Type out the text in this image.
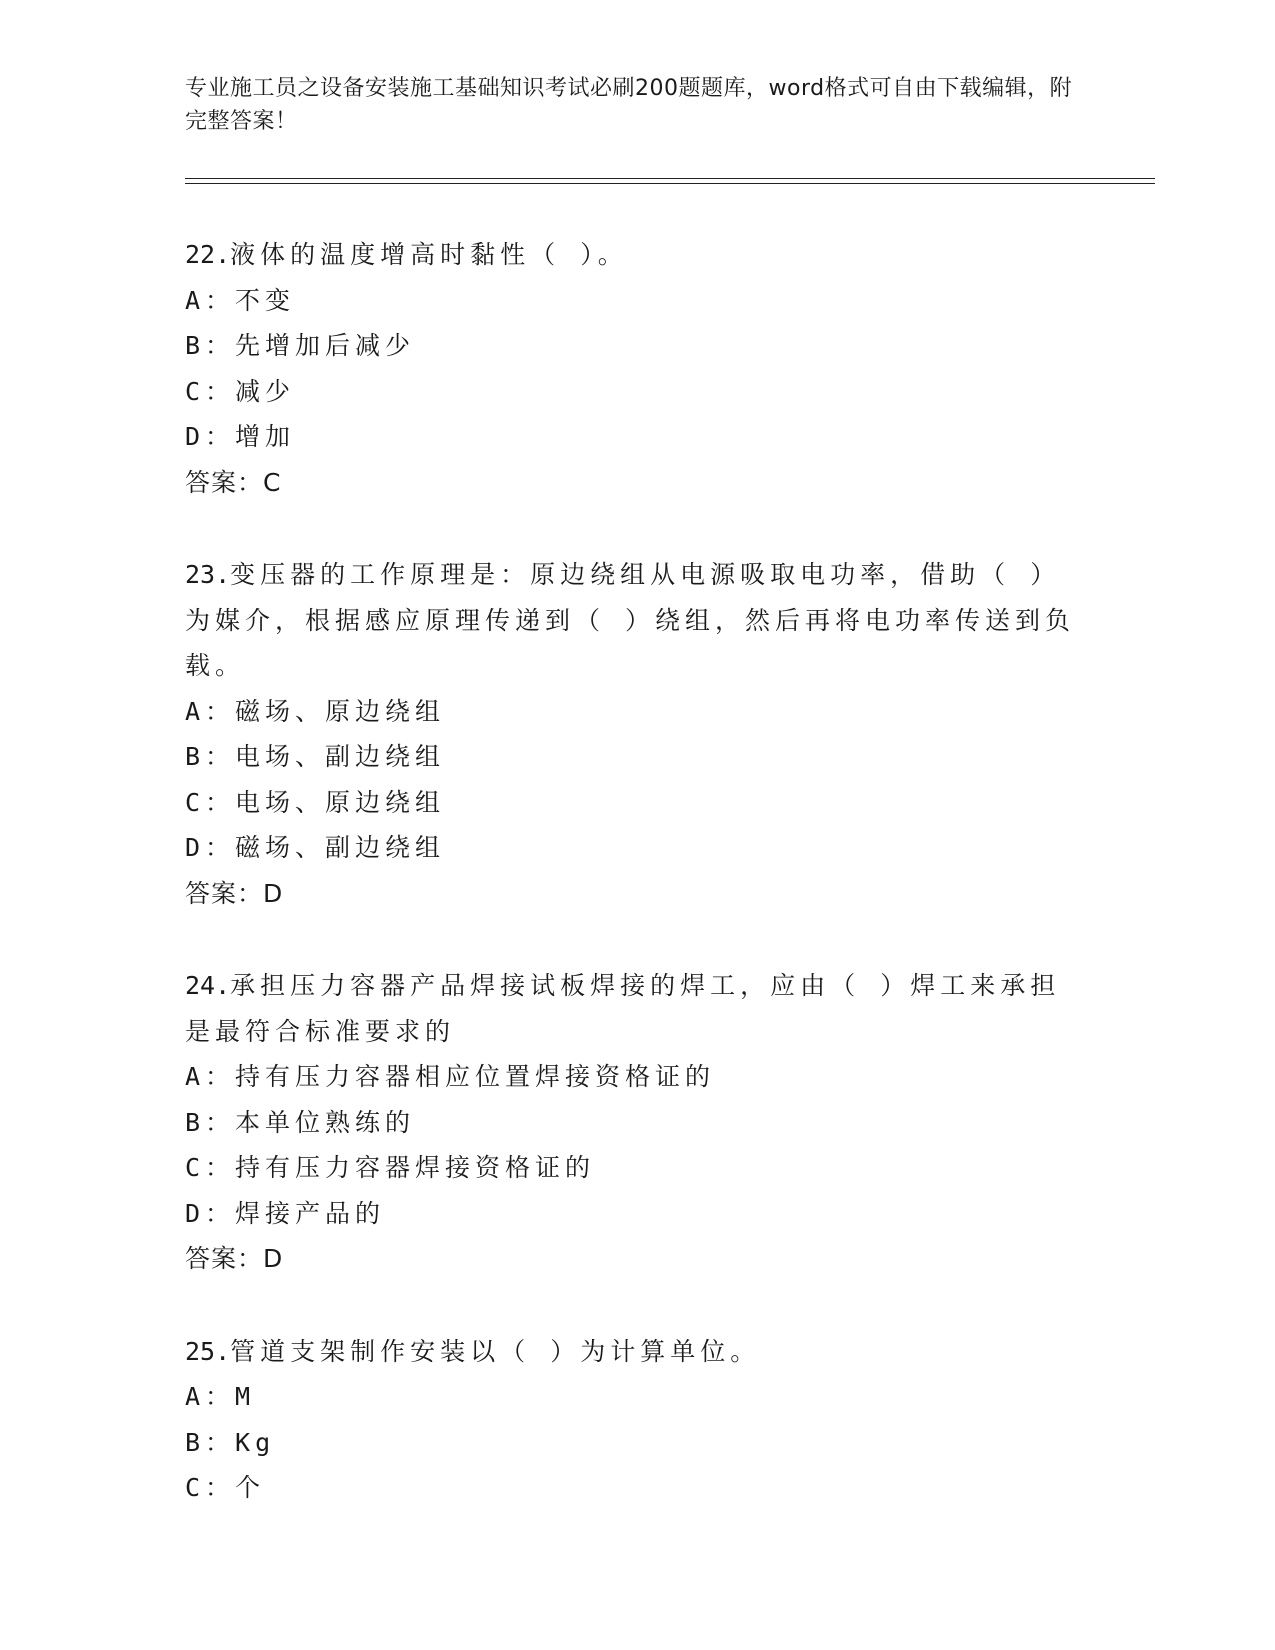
专业施工员之设备安装施工基础知识考试必刷200题题库，word格式可自由下载编辑，附完整答案！

22.液体的温度增高时黏性（ ）。

A：不变

B：先增加后减少

C：减少

D：增加

答案：C

23.变压器的工作原理是：原边绕组从电源吸取电功率，借助（ ）为媒介，根据感应原理传递到（ ）绕组，然后再将电功率传送到负载。

A：磁场、原边绕组

B：电场、副边绕组

C：电场、原边绕组

D：磁场、副边绕组

答案：D

24.承担压力容器产品焊接试板焊接的焊工，应由（ ）焊工来承担是最符合标准要求的

A：持有压力容器相应位置焊接资格证的

B：本单位熟练的

C：持有压力容器焊接资格证的

D：焊接产品的

答案：D

25.管道支架制作安装以（ ）为计算单位。

A：M

B：Kg

C：个
